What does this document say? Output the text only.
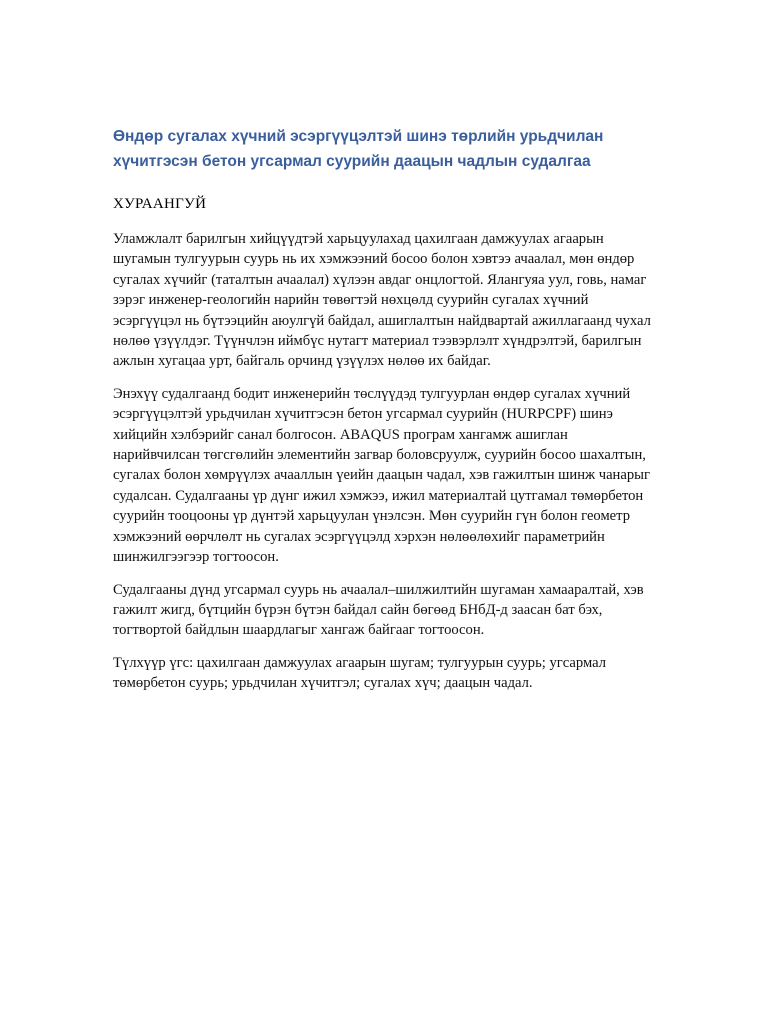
Өндөр сугалах хүчний эсэргүүцэлтэй шинэ төрлийн урьдчилан хүчитгэсэн бетон угсармал суурийн даацын чадлын судалгаа
ХУРААНГУЙ

Уламжлалт барилгын хийцүүдтэй харьцуулахад цахилгаан дамжуулах агаарын шугамын тулгуурын суурь нь их хэмжээний босоо болон хэвтээ ачаалал, мөн өндөр сугалах хүчийг (таталтын ачаалал) хүлээн авдаг онцлогтой. Ялангуяа уул, говь, намаг зэрэг инженер-геологийн нарийн төвөгтэй нөхцөлд суурийн сугалах хүчний эсэргүүцэл нь бүтээцийн аюулгүй байдал, ашиглалтын найдвартай ажиллагаанд чухал нөлөө үзүүлдэг. Түүнчлэн иймбүс нутагт материал тээвэрлэлт хүндрэлтэй, барилгын ажлын хугацаа урт, байгаль орчинд үзүүлэх нөлөө их байдаг.

Энэхүү судалгаанд бодит инженерийн төслүүдэд тулгуурлан өндөр сугалах хүчний эсэргүүцэлтэй урьдчилан хүчитгэсэн бетон угсармал суурийн (HURPCPF) шинэ хийцийн хэлбэрийг санал болгосон. ABAQUS програм хангамж ашиглан нарийвчилсан төгсгөлийн элементийн загвар боловсруулж, суурийн босоо шахалтын, сугалах болон хөмрүүлэх ачааллын үеийн даацын чадал, хэв гажилтын шинж чанарыг судалсан. Судалгааны үр дүнг ижил хэмжээ, ижил материалтай цутгамал төмөрбетон суурийн тооцооны үр дүнтэй харьцуулан үнэлсэн. Мөн суурийн гүн болон геометр хэмжээний өөрчлөлт нь сугалах эсэргүүцэлд хэрхэн нөлөөлөхийг параметрийн шинжилгээгээр тогтоосон.

Судалгааны дүнд угсармал суурь нь ачаалал–шилжилтийн шугаман хамааралтай, хэв гажилт жигд, бүтцийн бүрэн бүтэн байдал сайн бөгөөд БНбД-д заасан бат бэх, тогтвортой байдлын шаардлагыг хангаж байгааг тогтоосон.

Түлхүүр үгс: цахилгаан дамжуулах агаарын шугам; тулгуурын суурь; угсармал төмөрбетон суурь; урьдчилан хүчитгэл; сугалах хүч; даацын чадал.
